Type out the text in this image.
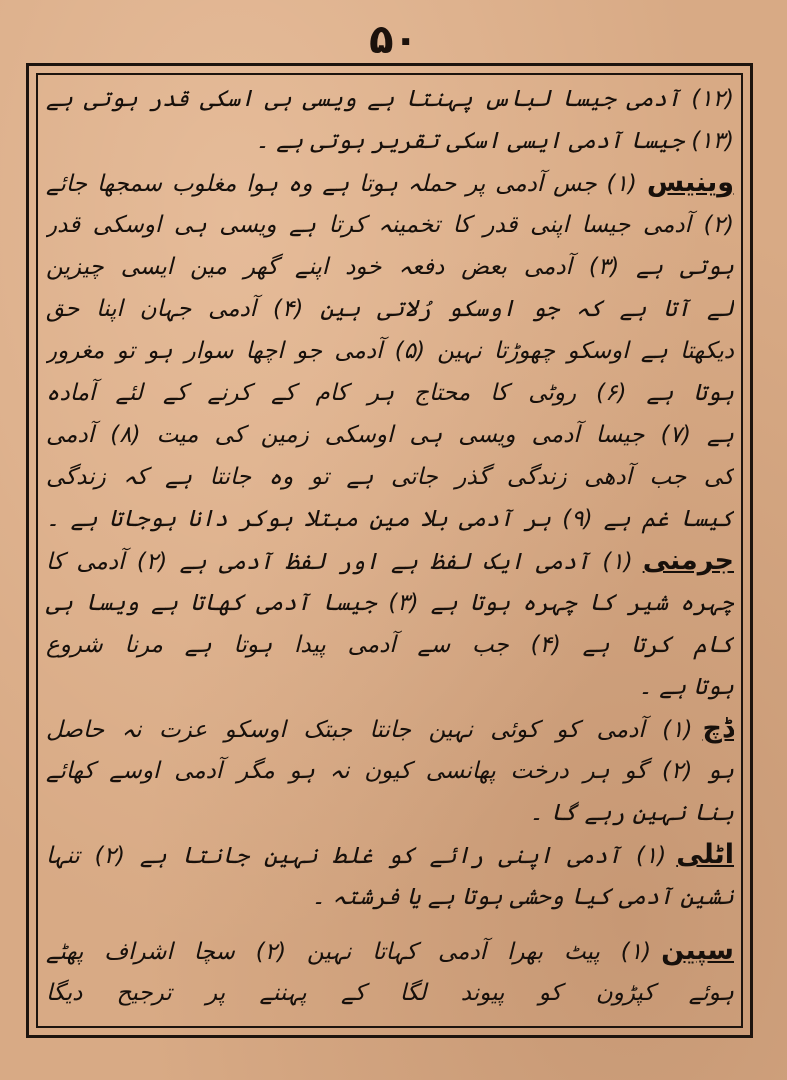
۵۰
(۱۲) آدمی جیسا لباس پہنتا ہے ویسی ہی اسکی قدر ہوتی ہے
(۱۳) جیسا آدمی ایسی اسکی تقریر ہوتی ہے ۔
وینیس(۱) جس آدمی پر حملہ ہوتا ہے وہ ہوا مغلوب سمجھا جائے
(۲) آدمی جیسا اپنی قدر کا تخمینہ کرتا ہے ویسی ہی اوسکی قدر
ہوتی ہے (۳) آدمی بعض دفعہ خود اپنے گھر مین ایسی چیزین
لے آتا ہے کہ جو اوسکو رُلاتی ہین (۴) آدمی جہان اپنا حق
دیکھتا ہے اوسکو چھوڑتا نہین (۵) آدمی جو اچھا سوار ہو تو مغرور
ہوتا ہے (۶) روٹی کا محتاج ہر کام کے کرنے کے لئے آمادہ
ہے (۷) جیسا آدمی ویسی ہی اوسکی زمین کی میت (۸) آدمی
کی جب آدھی زندگی گذر جاتی ہے تو وہ جانتا ہے کہ زندگی
کیسا غم ہے (۹) ہر آدمی بلا مین مبتلا ہوکر دانا ہوجاتا ہے ۔
جرمنی(۱) آدمی ایک لفظ ہے اور لفظ آدمی ہے (۲) آدمی کا
چہرہ شیر کا چہرہ ہوتا ہے (۳) جیسا آدمی کھاتا ہے ویسا ہی
کام کرتا ہے (۴) جب سے آدمی پیدا ہوتا ہے مرنا شروع
ہوتا ہے ۔
ڈچ(۱) آدمی کو کوئی نہین جانتا جبتک اوسکو عزت نہ حاصل
ہو (۲) گو ہر درخت پھانسی کیون نہ ہو مگر آدمی اوسے کھائے
بنا نہین رہے گا ۔
اٹلی(۱) آدمی اپنی رائے کو غلط نہین جانتا ہے (۲) تنہا
نشین آدمی کیا وحشی ہوتا ہے یا فرشتہ ۔
سپین(۱) پیٹ بھرا آدمی کہاتا نہین (۲) سچا اشراف پھٹے
ہوئے کپڑون کو پیوند لگا کے پہننے پر ترجیح دیگا
